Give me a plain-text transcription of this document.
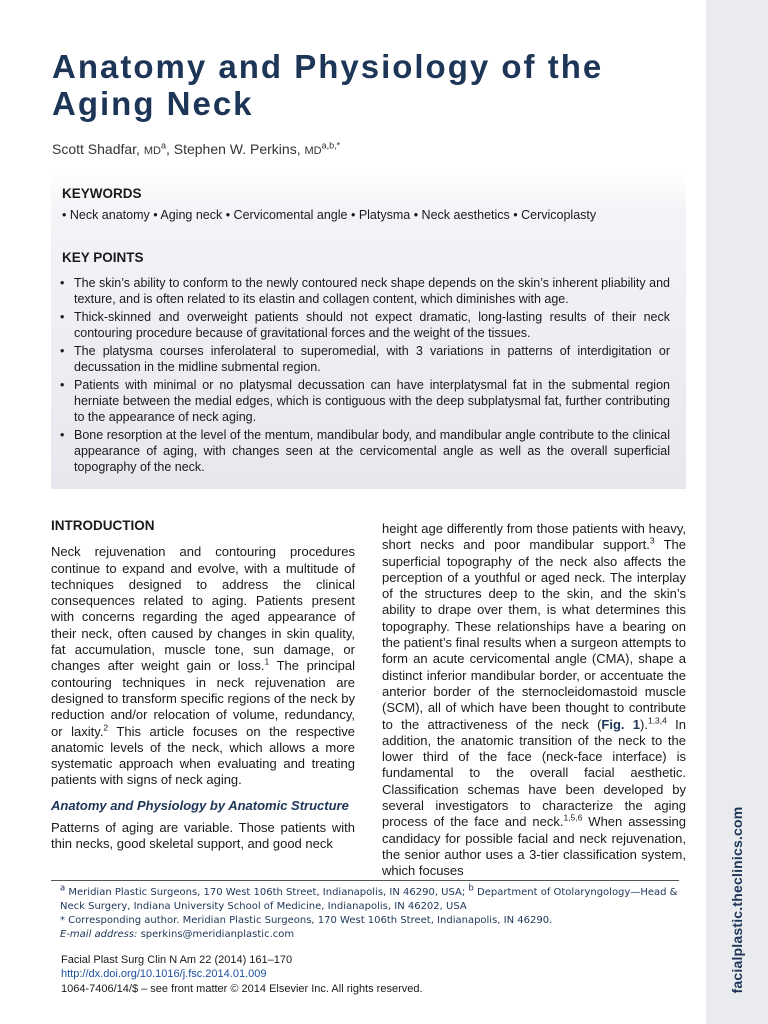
facialplastic.theclinics.com
Anatomy and Physiology of the Aging Neck
Scott Shadfar, $MD^a$, Stephen W. Perkins, $MD^{a,b,*}$
KEYWORDS
• Neck anatomy • Aging neck • Cervicomental angle • Platysma • Neck aesthetics • Cervicoplasty
KEY POINTS
• The skin’s ability to conform to the newly contoured neck shape depends on the skin’s inherent pliability and texture, and is often related to its elastin and collagen content, which diminishes with age.
• Thick-skinned and overweight patients should not expect dramatic, long-lasting results of their neck contouring procedure because of gravitational forces and the weight of the tissues.
• The platysma courses inferolateral to superomedial, with 3 variations in patterns of interdigitation or decussation in the midline submental region.
• Patients with minimal or no platysmal decussation can have interplatysmal fat in the submental region herniate between the medial edges, which is contiguous with the deep subplatysmal fat, further contributing to the appearance of neck aging.
• Bone resorption at the level of the mentum, mandibular body, and mandibular angle contribute to the clinical appearance of aging, with changes seen at the cervicomental angle as well as the overall superficial topography of the neck.
INTRODUCTION

Neck rejuvenation and contouring procedures continue to expand and evolve, with a multitude of techniques designed to address the clinical consequences related to aging. Patients present with concerns regarding the aged appearance of their neck, often caused by changes in skin quality, fat accumulation, muscle tone, sun damage, or changes after weight gain or loss.$^1$ The principal contouring techniques in neck rejuvenation are designed to transform specific regions of the neck by reduction and/or relocation of volume, redundancy, or laxity.$^2$ This article focuses on the respective anatomic levels of the neck, which allows a more systematic approach when evaluating and treating patients with signs of neck aging.

Anatomy and Physiology by Anatomic Structure

Patterns of aging are variable. Those patients with thin necks, good skeletal support, and good neck

height age differently from those patients with heavy, short necks and poor mandibular support.$^3$ The superficial topography of the neck also affects the perception of a youthful or aged neck. The interplay of the structures deep to the skin, and the skin’s ability to drape over them, is what determines this topography. These relationships have a bearing on the patient’s final results when a surgeon attempts to form an acute cervicomental angle (CMA), shape a distinct inferior mandibular border, or accentuate the anterior border of the sternocleidomastoid muscle (SCM), all of which have been thought to contribute to the attractiveness of the neck (Fig. 1).$^{1,3,4}$ In addition, the anatomic transition of the neck to the lower third of the face (neck-face interface) is fundamental to the overall facial aesthetic. Classification schemas have been developed by several investigators to characterize the aging process of the face and neck.$^{1,5,6}$ When assessing candidacy for possible facial and neck rejuvenation, the senior author uses a 3-tier classification system, which focuses

$^a$ Meridian Plastic Surgeons, 170 West 106th Street, Indianapolis, IN 46290, USA; $^b$ Department of Otolaryngology—Head & Neck Surgery, Indiana University School of Medicine, Indianapolis, IN 46202, USA

* Corresponding author. Meridian Plastic Surgeons, 170 West 106th Street, Indianapolis, IN 46290.

E-mail address: sperkins@meridianplastic.com

Facial Plast Surg Clin N Am 22 (2014) 161–170

http://dx.doi.org/10.1016/j.fsc.2014.01.009

1064-7406/14/$ – see front matter © 2014 Elsevier Inc. All rights reserved.
